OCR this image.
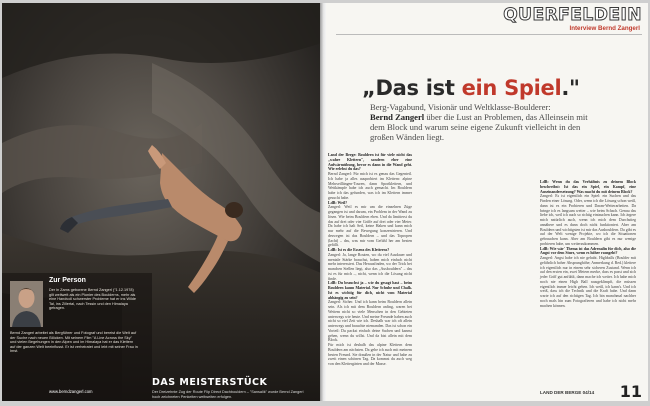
Zur Person
Der in Zams geborene Bernd Zangerl ("1.12.1978) gilt weltweit als ein Pionier des Boulderns, mehr als eine Handvoll schwerster Probleme hat er ins Wilde Tal, ins Zillertal, nach Tessin und den Himalaya getragen.
Bernd Zangerl arbeitet als Bergführer und Fotograf und bereist die Welt auf der Suche nach neuen Blöcken. Mit seinem Film "A Line Across the Sky" und vielen Begehungen in den Alpen und im Himalaya hat er das Klettern auf der ganzen Welt beeinflusst. Er ist verheiratet und lebt mit seiner Frau in Imst.
www.berndzangerl.com
DAS MEISTERSTÜCK
Der Dreizehnte Zug der Route Flip Direct Dachbouldern – "Sansalik" wurde Bernd Zangerl hoch zeichneten Penkeiten weltweiten erfolgen.
QUERFELDEIN
Interview Bernd Zangerl
„Das ist ein Spiel."
Berg-Vagabund, Visionär und Weltklasse-Boulderer:
Bernd Zangerl über die Lust an Problemen, das Alleinsein mit dem Block und warum seine eigene Zukunft vielleicht in den großen Wänden liegt.

Land der Berge: Bouldern ist für viele nicht das „wahre Klettern", sondern eher eine Aufwärmübung, bevor es dann in die Wand geht. Wie erlebst du das?

Bernd Zangerl: Für mich ist es genau das Gegenteil. Ich habe ja alles ausprobiert im Klettern: alpine Mehrseillängen-Touren, dann Sportklettern, und Wettkämpfe habe ich auch gemacht. Im Bouldern habe ich das gefunden, was ich im Klettern immer gesucht habe.

LdB: Weil?

Zangerl: Weil es mir um die einzelnen Züge gegangen ist und darum, ein Problem in der Wand zu lösen. Wie beim Bouldern eben. Und da limitierst du das auf drei oder vier Griffe auf drei oder vier Meter. Da habe ich halt Seil, keine Haken und kann mich nur mehr auf die Bewegung konzentrieren. Und deswegen ist das Bouldern – und das Topropen (lacht) – das, was mir vom Gefühl her am besten gefällt.

LdB: Ist es die Essenz des Kletterns?

Zangerl: Ja, lange Routen, wo du viel Ausdauer und mentale Stärke brauchst, haben mich einfach nicht mehr interessiert. Das Herausfinden, wo der Trick bei manchen Stellen liegt, also das „Ausbouldern" – das ist es für mich –, nicht, wenn ich die Lösung nicht finde.

LdB: Du brauchst ja – wie du gesagt hast – beim Bouldern kaum Material. Nur Schuhe und Chalk. Ist es wichtig für dich, nicht vom Material abhängig zu sein?

Zangerl: Sicher. Und ich kann beim Bouldern allein sein. Als ich mit dem Bouldern anfing, waren bei Weitem nicht so viele Menschen in den Gebieten unterwegs wie heute. Und meine Freunde haben auch nicht so viel Zeit wie ich. Deshalb war ich oft allein unterwegs und brauchte niemanden. Das ist schon ein Vorteil: Du packst einfach deine Sachen und kannst gehen, wenn du willst. Und da bist allein mit dem Block.

Für mich ist deshalb das alpine Klettern dem Bouldern am nächsten. Da gehe ich auch mit meinem besten Freund. Sie draußen in der Natur und habe zu zweit einen schönen Tag. Da kommst du auch weg von den Klettergärten und der Masse.

LdB: Wenn du das Verhältnis zu deinem Block beschreibst: Ist das ein Spiel, ein Kampf, eine Auseinandersetzung? Was macht du mit deinem Block?

Zangerl: Es ist eigentlich ein Spiel: ein Suchen und das Finden einer Lösung. Oder, wenn ich die Lösung schon weiß, dann ist es ein Probieren und Daran-Weiterarbeiten. Da bringe ich es langsam weiter – wie beim Schach. Genau das liebe ich, weil ich auch so richtig eintauchen kann. Ich ärgere mich natürlich auch, wenn ich mich dem Durchstieg annähere und es dann doch nicht funktioniert. Aber am Bouldern und wichtigsten ist mir das Ausbouldern. Da gibt es auf der Welt wenige Projekte, wo ich die Situationen gebrauchen kann. Aber am Bouldern gibt es nur wenige probieren habe, um weiterzukommen.

LdB: Wie wär' Thema ist das Adrenalin für dich, also die Angst vor dem Sturz, wenn es höher rausgeht?

Zangerl: Angst habe ich nie gehabt. Highballs (Boulder mit gefährlich hoher Absprunghöhe; Anmerkung d. Red.) klettere ich eigentlich nur in einem sehr sicheren Zustand. Wenn ich auf den ersten ein, zwei Metern merke, dass es passt und sich jeder Griff gut anfühlt, dann mache ich weiter. Ich habe mich noch nie einen High Ball rausgeklimpft, die müssen eigentlich immer leicht gehen. Ich weiß, ich kann's. Und ich weiß, dass ich die Technik und die Kraft habe. Und dann warte ich auf den richtigen Tag. Ich bin manchmal nachher noch mals hin zum Fotografieren und habe ich nicht mehr machen können.

LAND DER BERGE 04/14 11
